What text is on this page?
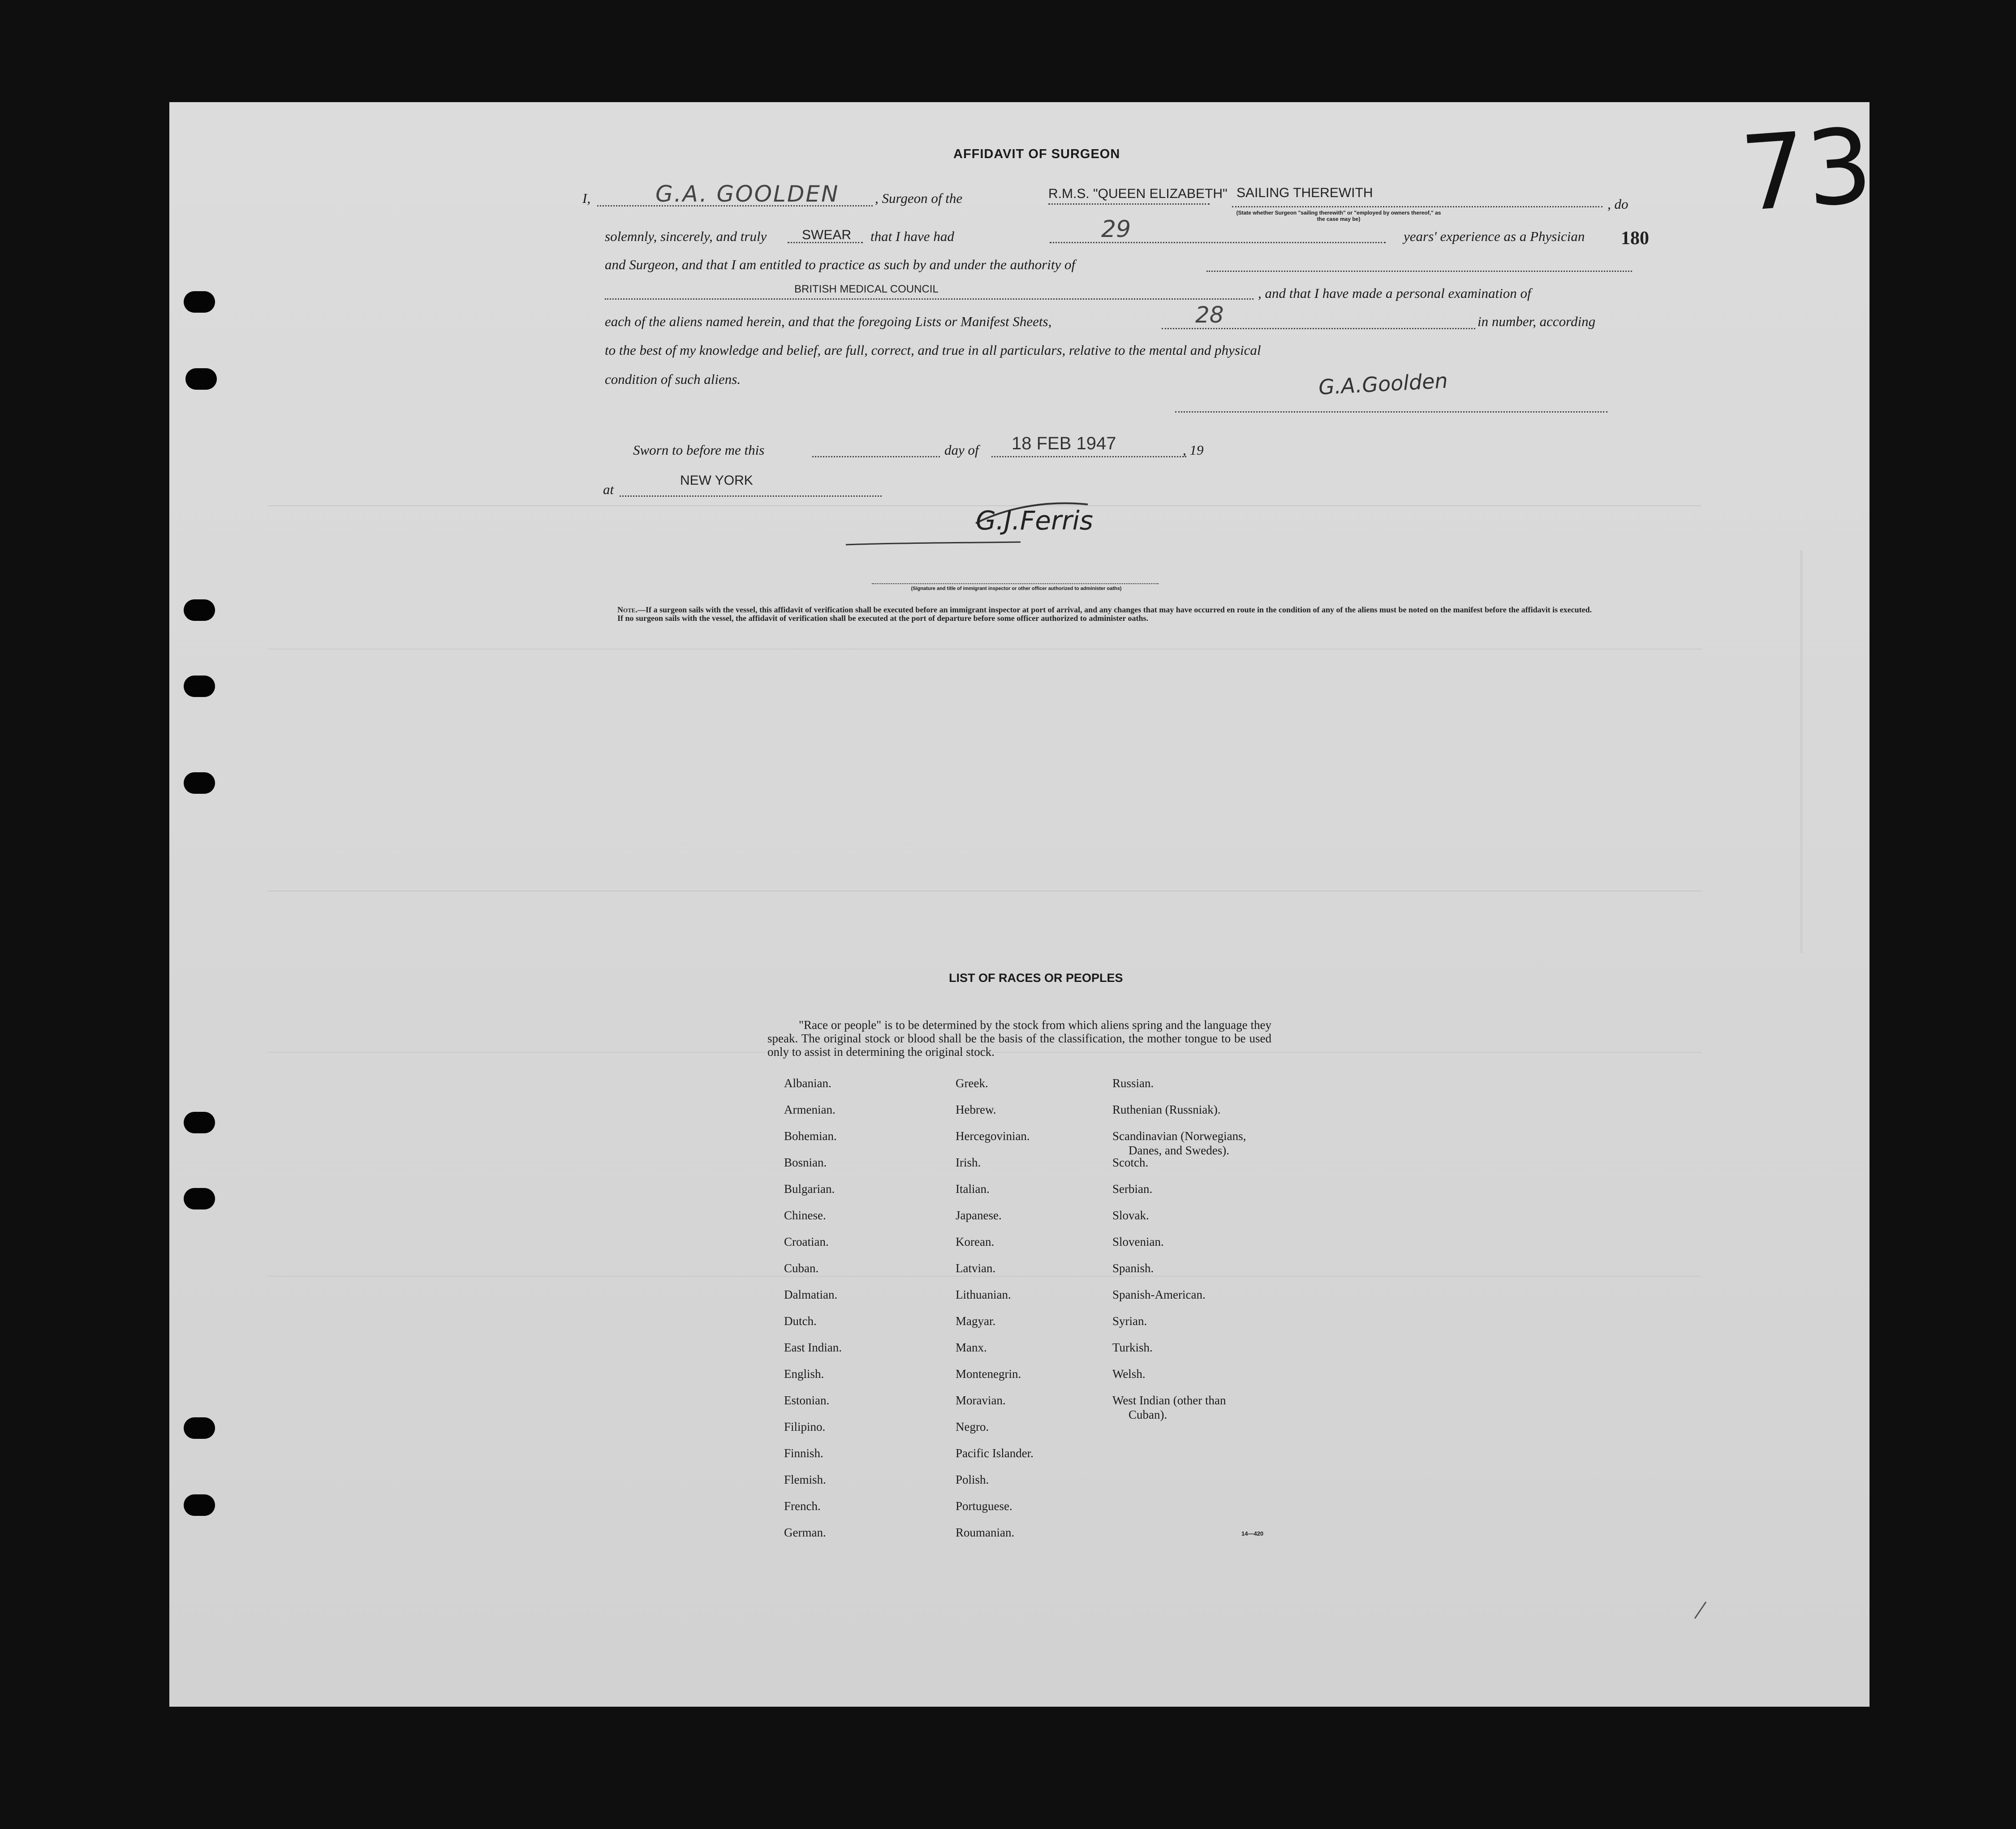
73
180
AFFIDAVIT OF SURGEON
I,	G.A. GOOLDEN	, Surgeon of the	R.M.S. "QUEEN ELIZABETH" SAILING THEREWITH
, do
(State whether Surgeon "sailing therewith" or "employed by owners thereof," as the case may be)
solemnly, sincerely, and truly	SWEAR that I have had	29	years' experience as a Physician
and Surgeon, and that I am entitled to practice as such by and under the authority of
BRITISH MEDICAL COUNCIL	, and that I have made a personal examination of
each of the aliens named herein, and that the foregoing Lists or Manifest Sheets,	28	in number, according
to the best of my knowledge and belief, are full, correct, and true in all particulars, relative to the mental and physical
condition of such aliens.	G.A.Goolden
Sworn to before me this	day of 18 FEB 1947	, 19
at
NEW YORK
G.J.Ferris
(Signature and title of immigrant inspector or other officer authorized to administer oaths)
Note.—If a surgeon sails with the vessel, this affidavit of verification shall be executed before an immigrant inspector at port of arrival, and any changes that may have occurred en route in the condition of any of the aliens must be noted on the manifest before the affidavit is executed.
If no surgeon sails with the vessel, the affidavit of verification shall be executed at the port of departure before some officer authorized to administer oaths.
LIST OF RACES OR PEOPLES
"Race or people" is to be determined by the stock from which aliens spring and the language they speak. The original stock or blood shall be the basis of the classification, the mother tongue to be used only to assist in determining the original stock.
Albanian.
Armenian.
Bohemian.
Bosnian.
Bulgarian.
Chinese.
Croatian.
Cuban.
Dalmatian.
Dutch.
East Indian.
English.
Estonian.
Filipino.
Finnish.
Flemish.
French.
German.
Greek.
Hebrew.
Hercegovinian.
Irish.
Italian.
Japanese.
Korean.
Latvian.
Lithuanian.
Magyar.
Manx.
Montenegrin.
Moravian.
Negro.
Pacific Islander.
Polish.
Portuguese.
Roumanian.
Russian.
Ruthenian (Russniak).
Scandinavian (Norwegians,
Danes, and Swedes).
Scotch.
Serbian.
Slovak.
Slovenian.
Spanish.
Spanish-American.
Syrian.
Turkish.
Welsh.
West Indian (other than
Cuban).
14—420
